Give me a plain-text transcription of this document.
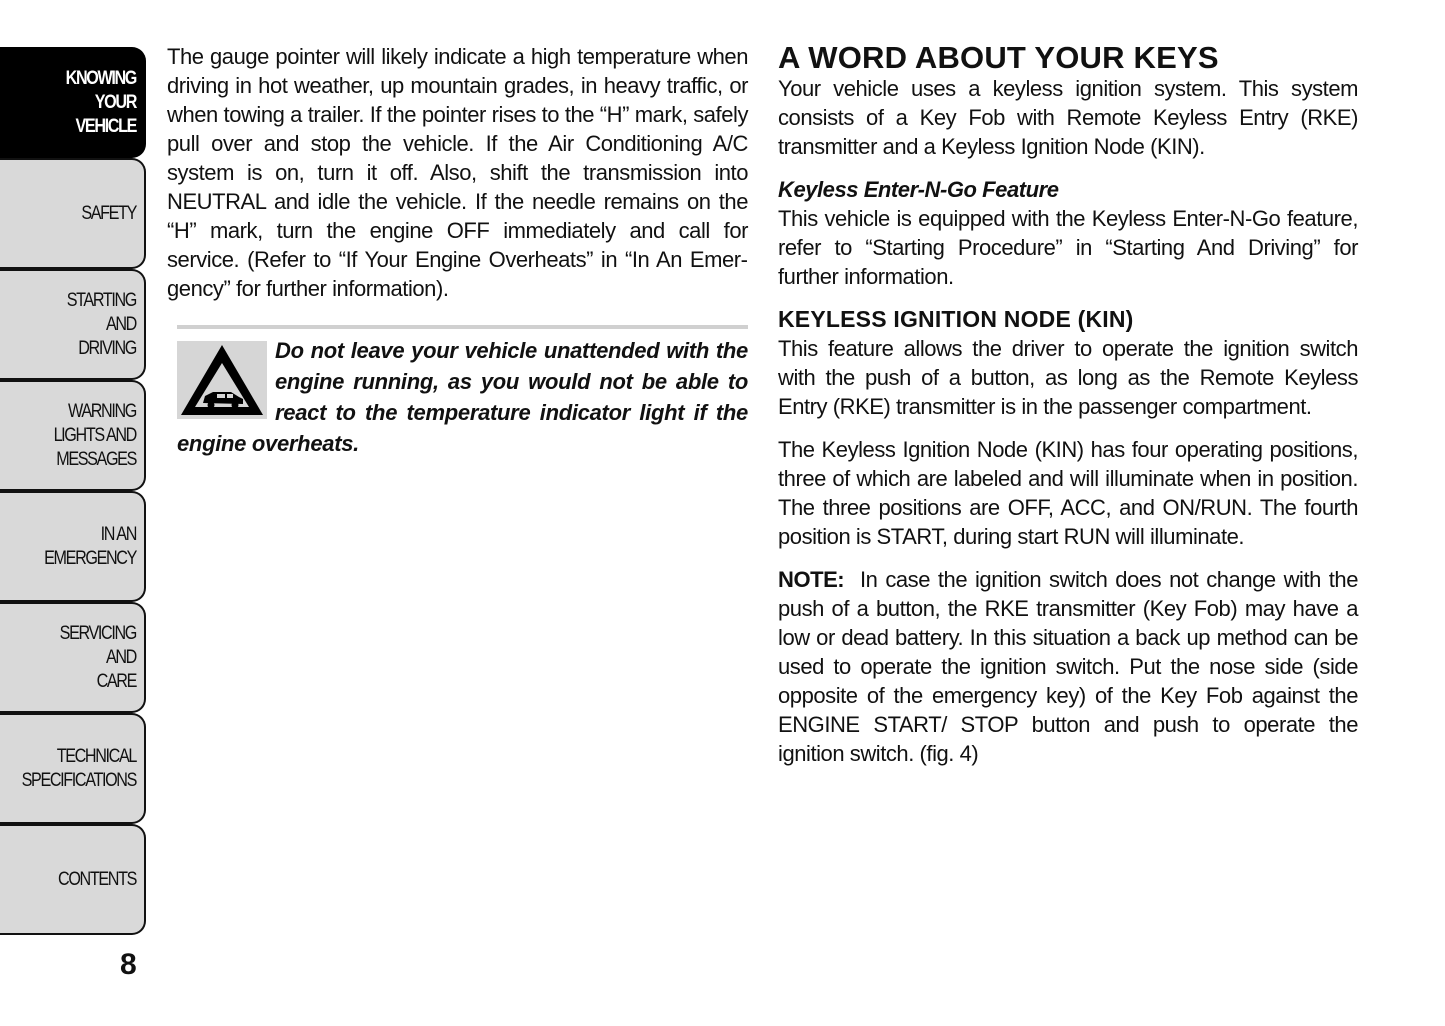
KNOWING
YOUR
VEHICLE
SAFETY
STARTING
AND
DRIVING
WARNING
LIGHTS AND
MESSAGES
IN AN
EMERGENCY
SERVICING
AND
CARE
TECHNICAL
SPECIFICATIONS
CONTENTS
8

The gauge pointer will likely indicate a high temperature when driving in hot weather, up mountain grades, in heavy traffic, or when towing a trailer. If the pointer rises to the “H” mark, safely pull over and stop the vehicle. If the Air Conditioning A/C system is on, turn it off. Also, shift the transmission into NEUTRAL and idle the vehicle. If the needle remains on the “H” mark, turn the engine OFF immediately and call for service. (Refer to “If Your Engine Overheats” in “In An Emergency” for further information).

Do not leave your vehicle unattended with the engine running, as you would not be able to react to the temperature indicator light if the engine overheats.

A WORD ABOUT YOUR KEYS

Your vehicle uses a keyless ignition system. This system consists of a Key Fob with Remote Keyless Entry (RKE) transmitter and a Keyless Ignition Node (KIN).

Keyless Enter-N-Go Feature

This vehicle is equipped with the Keyless Enter-N-Go feature, refer to “Starting Procedure” in “Starting And Driving” for further information.

KEYLESS IGNITION NODE (KIN)

This feature allows the driver to operate the ignition switch with the push of a button, as long as the Remote Keyless Entry (RKE) transmitter is in the passenger compartment.

The Keyless Ignition Node (KIN) has four operating positions, three of which are labeled and will illuminate when in position. The three positions are OFF, ACC, and ON/RUN. The fourth position is START, during start RUN will illuminate.

NOTE: In case the ignition switch does not change with the push of a button, the RKE transmitter (Key Fob) may have a low or dead battery. In this situation a back up method can be used to operate the ignition switch. Put the nose side (side opposite of the emergency key) of the Key Fob against the ENGINE START/ STOP button and push to operate the ignition switch. (fig. 4)
